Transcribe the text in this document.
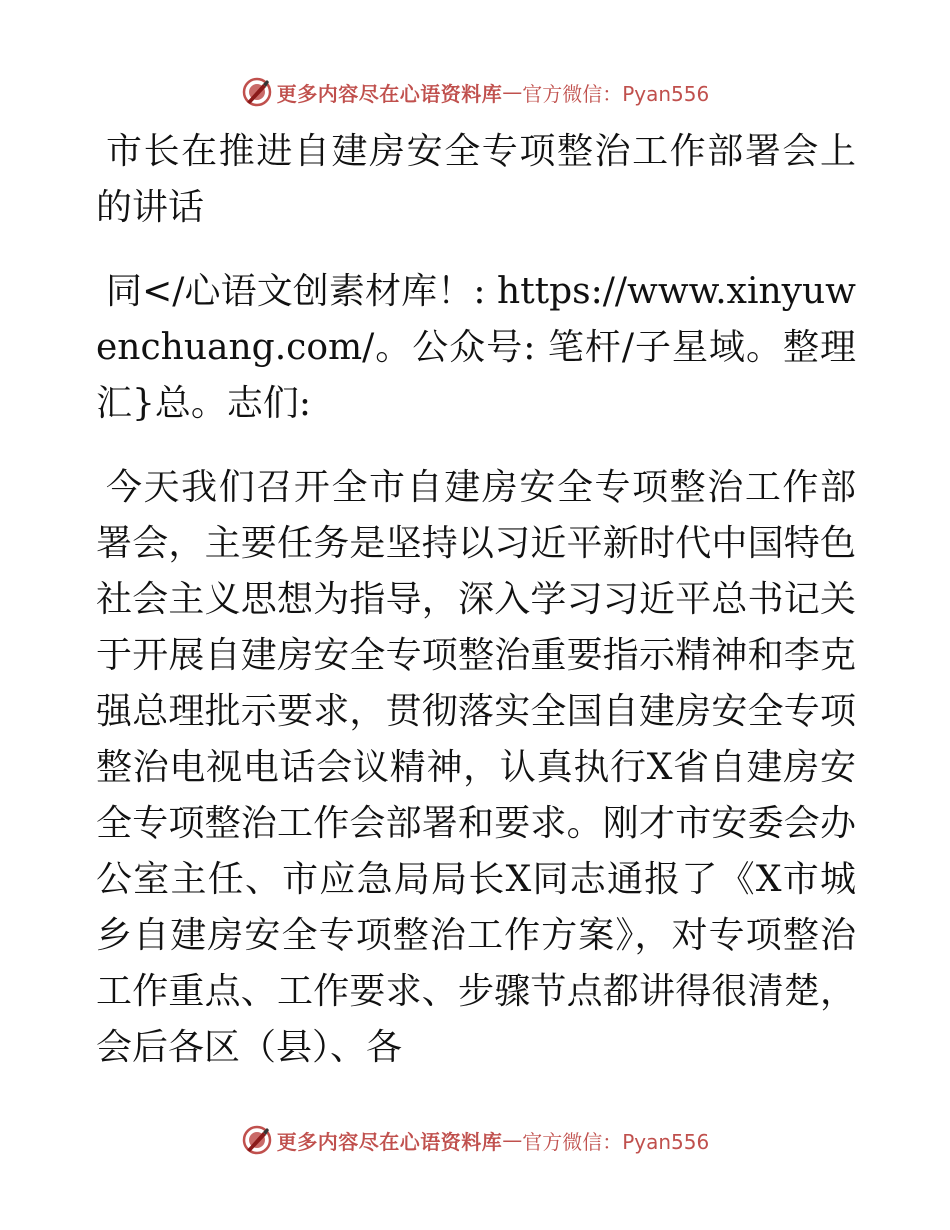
更多内容尽在心语资料库 — 官方微信：Pyan556

市长在推进自建房安全专项整治工作部署会上的讲话

同</心语文创素材库！: https://www.xinyuwenchuang.com/。公众号: 笔杆/子星域。整理汇}总。志们:

今天我们召开全市自建房安全专项整治工作部署会，主要任务是坚持以习近平新时代中国特色社会主义思想为指导，深入学习习近平总书记关于开展自建房安全专项整治重要指示精神和李克强总理批示要求，贯彻落实全国自建房安全专项整治电视电话会议精神，认真执行X省自建房安全专项整治工作会部署和要求。刚才市安委会办公室主任、市应急局局长X同志通报了《X市城乡自建房安全专项整治工作方案》，对专项整治工作重点、工作要求、步骤节点都讲得很清楚，会后各区（县）、各

更多内容尽在心语资料库 — 官方微信：Pyan556
